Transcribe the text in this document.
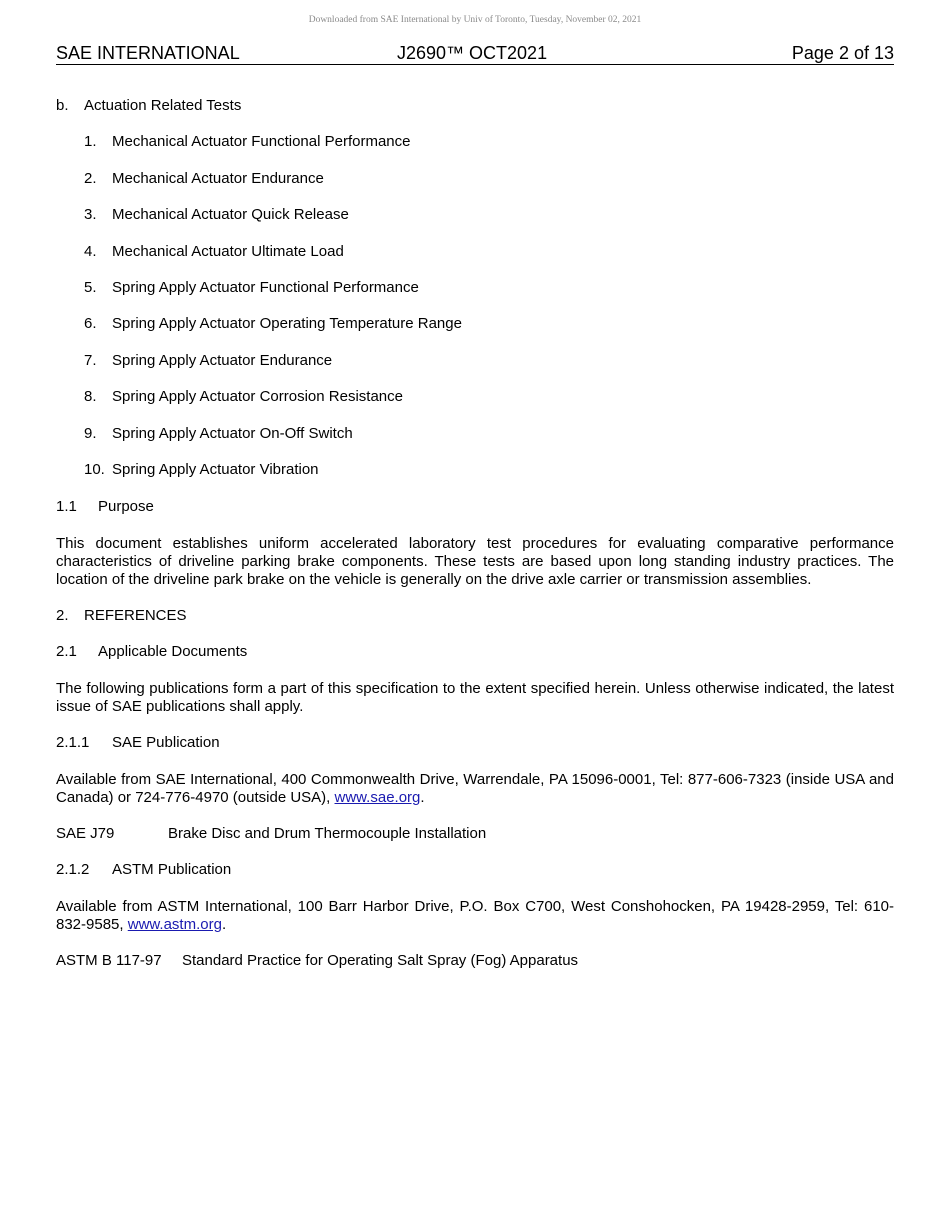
Downloaded from SAE International by Univ of Toronto, Tuesday, November 02, 2021
SAE INTERNATIONAL	J2690™ OCT2021	Page 2 of 13
b. Actuation Related Tests
1. Mechanical Actuator Functional Performance
2. Mechanical Actuator Endurance
3. Mechanical Actuator Quick Release
4. Mechanical Actuator Ultimate Load
5. Spring Apply Actuator Functional Performance
6. Spring Apply Actuator Operating Temperature Range
7. Spring Apply Actuator Endurance
8. Spring Apply Actuator Corrosion Resistance
9. Spring Apply Actuator On-Off Switch
10. Spring Apply Actuator Vibration
1.1 Purpose
This document establishes uniform accelerated laboratory test procedures for evaluating comparative performance characteristics of driveline parking brake components. These tests are based upon long standing industry practices. The location of the driveline park brake on the vehicle is generally on the drive axle carrier or transmission assemblies.
2. REFERENCES
2.1 Applicable Documents
The following publications form a part of this specification to the extent specified herein. Unless otherwise indicated, the latest issue of SAE publications shall apply.
2.1.1 SAE Publication
Available from SAE International, 400 Commonwealth Drive, Warrendale, PA 15096-0001, Tel: 877-606-7323 (inside USA and Canada) or 724-776-4970 (outside USA), www.sae.org.
SAE J79	Brake Disc and Drum Thermocouple Installation
2.1.2 ASTM Publication
Available from ASTM International, 100 Barr Harbor Drive, P.O. Box C700, West Conshohocken, PA 19428-2959, Tel: 610-832-9585, www.astm.org.
ASTM B 117-97 Standard Practice for Operating Salt Spray (Fog) Apparatus
